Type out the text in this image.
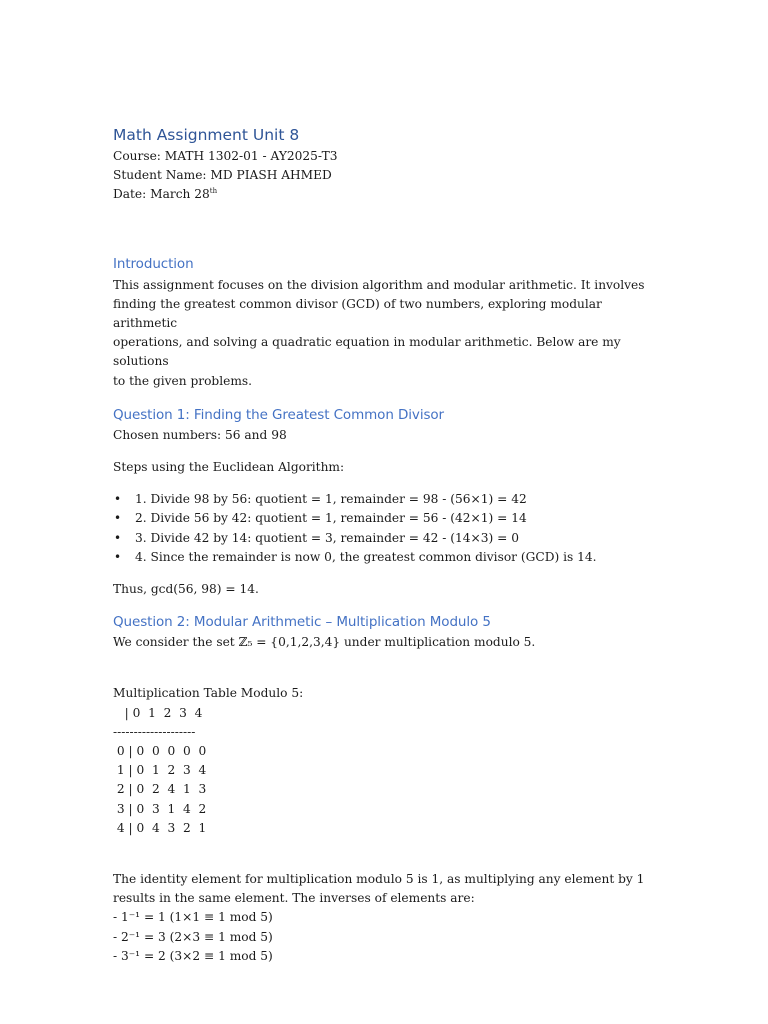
Math Assignment Unit 8

Course: MATH 1302-01 - AY2025-T3

Student Name: MD PIASH AHMED

Date: March 28th

Introduction

This assignment focuses on the division algorithm and modular arithmetic. It involves

finding the greatest common divisor (GCD) of two numbers, exploring modular arithmetic

operations, and solving a quadratic equation in modular arithmetic. Below are my solutions

to the given problems.

Question 1: Finding the Greatest Common Divisor

Chosen numbers: 56 and 98

Steps using the Euclidean Algorithm:

• 1. Divide 98 by 56: quotient = 1, remainder = 98 - (56×1) = 42
• 2. Divide 56 by 42: quotient = 1, remainder = 56 - (42×1) = 14
• 3. Divide 42 by 14: quotient = 3, remainder = 42 - (14×3) = 0
• 4. Since the remainder is now 0, the greatest common divisor (GCD) is 14.

Thus, gcd(56, 98) = 14.

Question 2: Modular Arithmetic – Multiplication Modulo 5

We consider the set ℤ₅ = {0,1,2,3,4} under multiplication modulo 5.

Multiplication Table Modulo 5:

| 0  1  2  3  4

--------------------

0 | 0  0  0  0  0

1 | 0  1  2  3  4

2 | 0  2  4  1  3

3 | 0  3  1  4  2

4 | 0  4  3  2  1

The identity element for multiplication modulo 5 is 1, as multiplying any element by 1

results in the same element. The inverses of elements are:

- 1⁻¹ = 1 (1×1 ≡ 1 mod 5)

- 2⁻¹ = 3 (2×3 ≡ 1 mod 5)

- 3⁻¹ = 2 (3×2 ≡ 1 mod 5)
